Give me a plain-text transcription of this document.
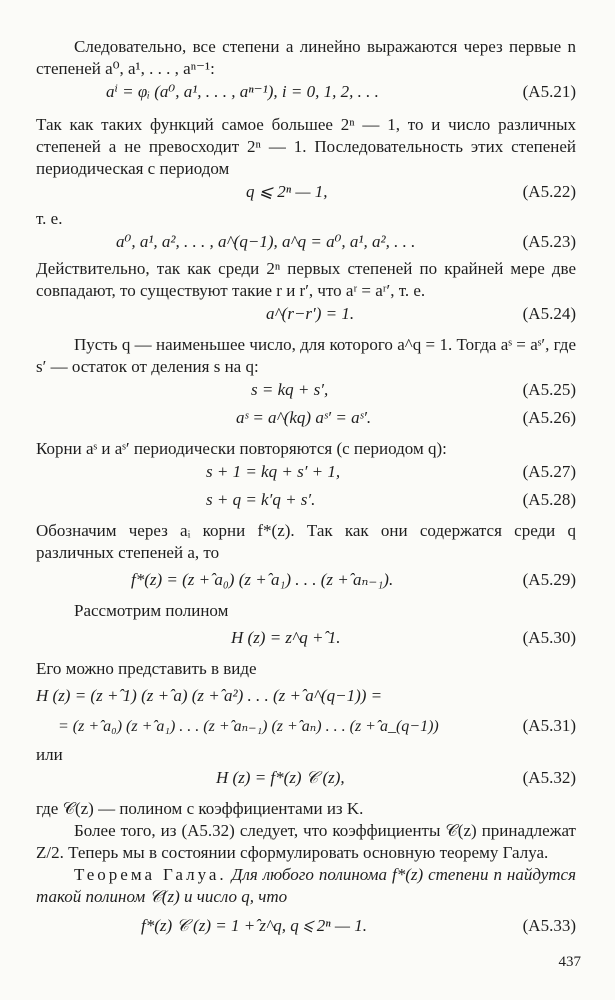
Следовательно, все степени a линейно выражаются через первые n степеней a⁰, a¹, . . . , aⁿ⁻¹:

aⁱ = φᵢ (a⁰, a¹, . . . , aⁿ⁻¹), i = 0, 1, 2, . . .	(A5.21)

Так как таких функций самое большее 2ⁿ — 1, то и число различных степеней a не превосходит 2ⁿ — 1. Последовательность этих степеней периодическая с периодом

q ⩽ 2ⁿ — 1,	(A5.22)

т. е.

a⁰, a¹, a², . . . , a^(q−1), a^q = a⁰, a¹, a², . . .	(A5.23)

Действительно, так как среди 2ⁿ первых степеней по крайней мере две совпадают, то существуют такие r и r′, что aʳ = aʳ′, т. е.

a^(r−r′) = 1.	(A5.24)

Пусть q — наименьшее число, для которого a^q = 1. Тогда aˢ = aˢ′, где s′ — остаток от деления s на q:

s = kq + s′,	(A5.25)
aˢ = a^(kq) aˢ′ = aˢ′.	(A5.26)

Корни aˢ и aˢ′ периодически повторяются (с периодом q):

s + 1 = kq + s′ + 1,	(A5.27)
s + q = k′q + s′.	(A5.28)

Обозначим через aᵢ корни f*(z). Так как они содержатся среди q различных степеней a, то

f*(z) = (z +̂ a₀) (z +̂ a₁) . . . (z +̂ aₙ₋₁).	(A5.29)

Рассмотрим полином

H (z) = z^q +̂ 1.	(A5.30)

Его можно представить в виде

H (z) = (z +̂ 1) (z +̂ a) (z +̂ a²) . . . (z +̂ a^(q−1)) =
= (z +̂ a₀) (z +̂ a₁) . . . (z +̂ aₙ₋₁) (z +̂ aₙ) . . . (z +̂ a_(q−1))	(A5.31)

или

H (z) = f*(z) 𝒞 (z),	(A5.32)

где 𝒞(z) — полином с коэффициентами из K.

Более того, из (A5.32) следует, что коэффициенты 𝒞(z) принадлежат Z/2. Теперь мы в состоянии сформулировать основную теорему Галуа.

Теорема Галуа. Для любого полинома f*(z) степени n найдутся такой полином 𝒞(z) и число q, что

f*(z) 𝒞 (z) = 1 +̂ z^q, q ⩽ 2ⁿ — 1.	(A5.33)
437
